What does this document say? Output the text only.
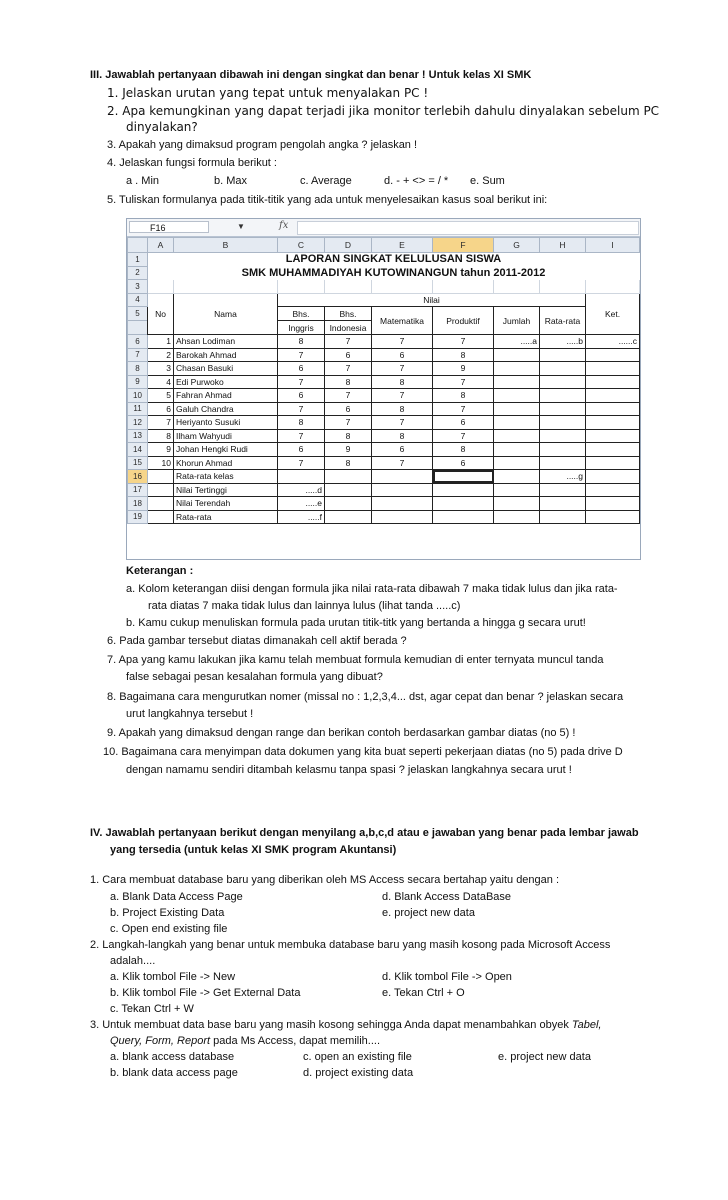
III. Jawablah pertanyaan dibawah ini dengan singkat dan benar ! Untuk kelas XI SMK
1. Jelaskan urutan yang tepat untuk menyalakan PC !
2. Apa kemungkinan yang dapat terjadi jika monitor terlebih dahulu dinyalakan sebelum PC
dinyalakan?
3. Apakah yang dimaksud program pengolah angka ? jelaskan !
4. Jelaskan fungsi formula berikut :
a . Min	b. Max	c. Average	d. - + <> = / * e. Sum
5. Tuliskan formulanya pada titik-titik yang ada untuk menyelesaikan kasus soal berikut ini:
F16	▼	fx
	A	B	C	D	E	F	G	H	I
1	LAPORAN SINGKAT KELULUSAN SISWA								
2	SMK MUHAMMADIYAH KUTOWINANGUN tahun 2011-2012								
3									
4	No	Nama	Nilai						Ket.
5			Bhs.	Bhs.	Matematika	Produktif	Jumlah	Rata-rata	
			Inggris	Indonesia					
6	1	Ahsan Lodiman	8	7	7	7	.....a	.....b	......c
7	2	Barokah Ahmad	7	6	6	8			
8	3	Chasan Basuki	6	7	7	9			
9	4	Edi Purwoko	7	8	8	7			
10	5	Fahran Ahmad	6	7	7	8			
11	6	Galuh Chandra	7	6	8	7			
12	7	Heriyanto Susuki	8	7	7	6			
13	8	Ilham Wahyudi	7	8	8	7			
14	9	Johan Hengki Rudi	6	9	6	8			
15	10	Khorun Ahmad	7	8	7	6			
16		Rata-rata kelas						.....g	
17		Nilai Tertinggi	.....d						
18		Nilai Terendah	.....e						
19		Rata-rata	.....f						
Keterangan :
a. Kolom keterangan diisi dengan formula jika nilai rata-rata dibawah 7 maka tidak lulus dan jika rata-
rata diatas 7 maka tidak lulus dan lainnya lulus (lihat tanda .....c)
b. Kamu cukup menuliskan formula pada urutan titik-titk yang bertanda a hingga g secara urut!
6. Pada gambar tersebut diatas dimanakah cell aktif berada ?
7. Apa yang kamu lakukan jika kamu telah membuat formula kemudian di enter ternyata muncul tanda
false sebagai pesan kesalahan formula yang dibuat?
8. Bagaimana cara mengurutkan nomer (missal no : 1,2,3,4... dst, agar cepat dan benar ? jelaskan secara
urut langkahnya tersebut !
9. Apakah yang dimaksud dengan range dan berikan contoh berdasarkan gambar diatas (no 5) !
10. Bagaimana cara menyimpan data dokumen yang kita buat seperti pekerjaan diatas (no 5) pada drive D
dengan namamu sendiri ditambah kelasmu tanpa spasi ? jelaskan langkahnya secara urut !
IV. Jawablah pertanyaan berikut dengan menyilang a,b,c,d atau e jawaban yang benar pada lembar jawab
yang tersedia (untuk kelas XI SMK program Akuntansi)
1. Cara membuat database baru yang diberikan oleh MS Access secara bertahap yaitu dengan :
a. Blank Data Access Page	d. Blank Access DataBase
b. Project Existing Data	e. project new data
c. Open end existing file
2. Langkah-langkah yang benar untuk membuka database baru yang masih kosong pada Microsoft Access
adalah....
a. Klik tombol File -> New	d. Klik tombol File -> Open
b. Klik tombol File -> Get External Data	e. Tekan Ctrl + O
c. Tekan Ctrl + W
3. Untuk membuat data base baru yang masih kosong sehingga Anda dapat menambahkan obyek Tabel,
Query, Form, Report pada Ms Access, dapat memilih....
a. blank access database	c. open an existing file	e. project new data
b. blank data access page	d. project existing data
